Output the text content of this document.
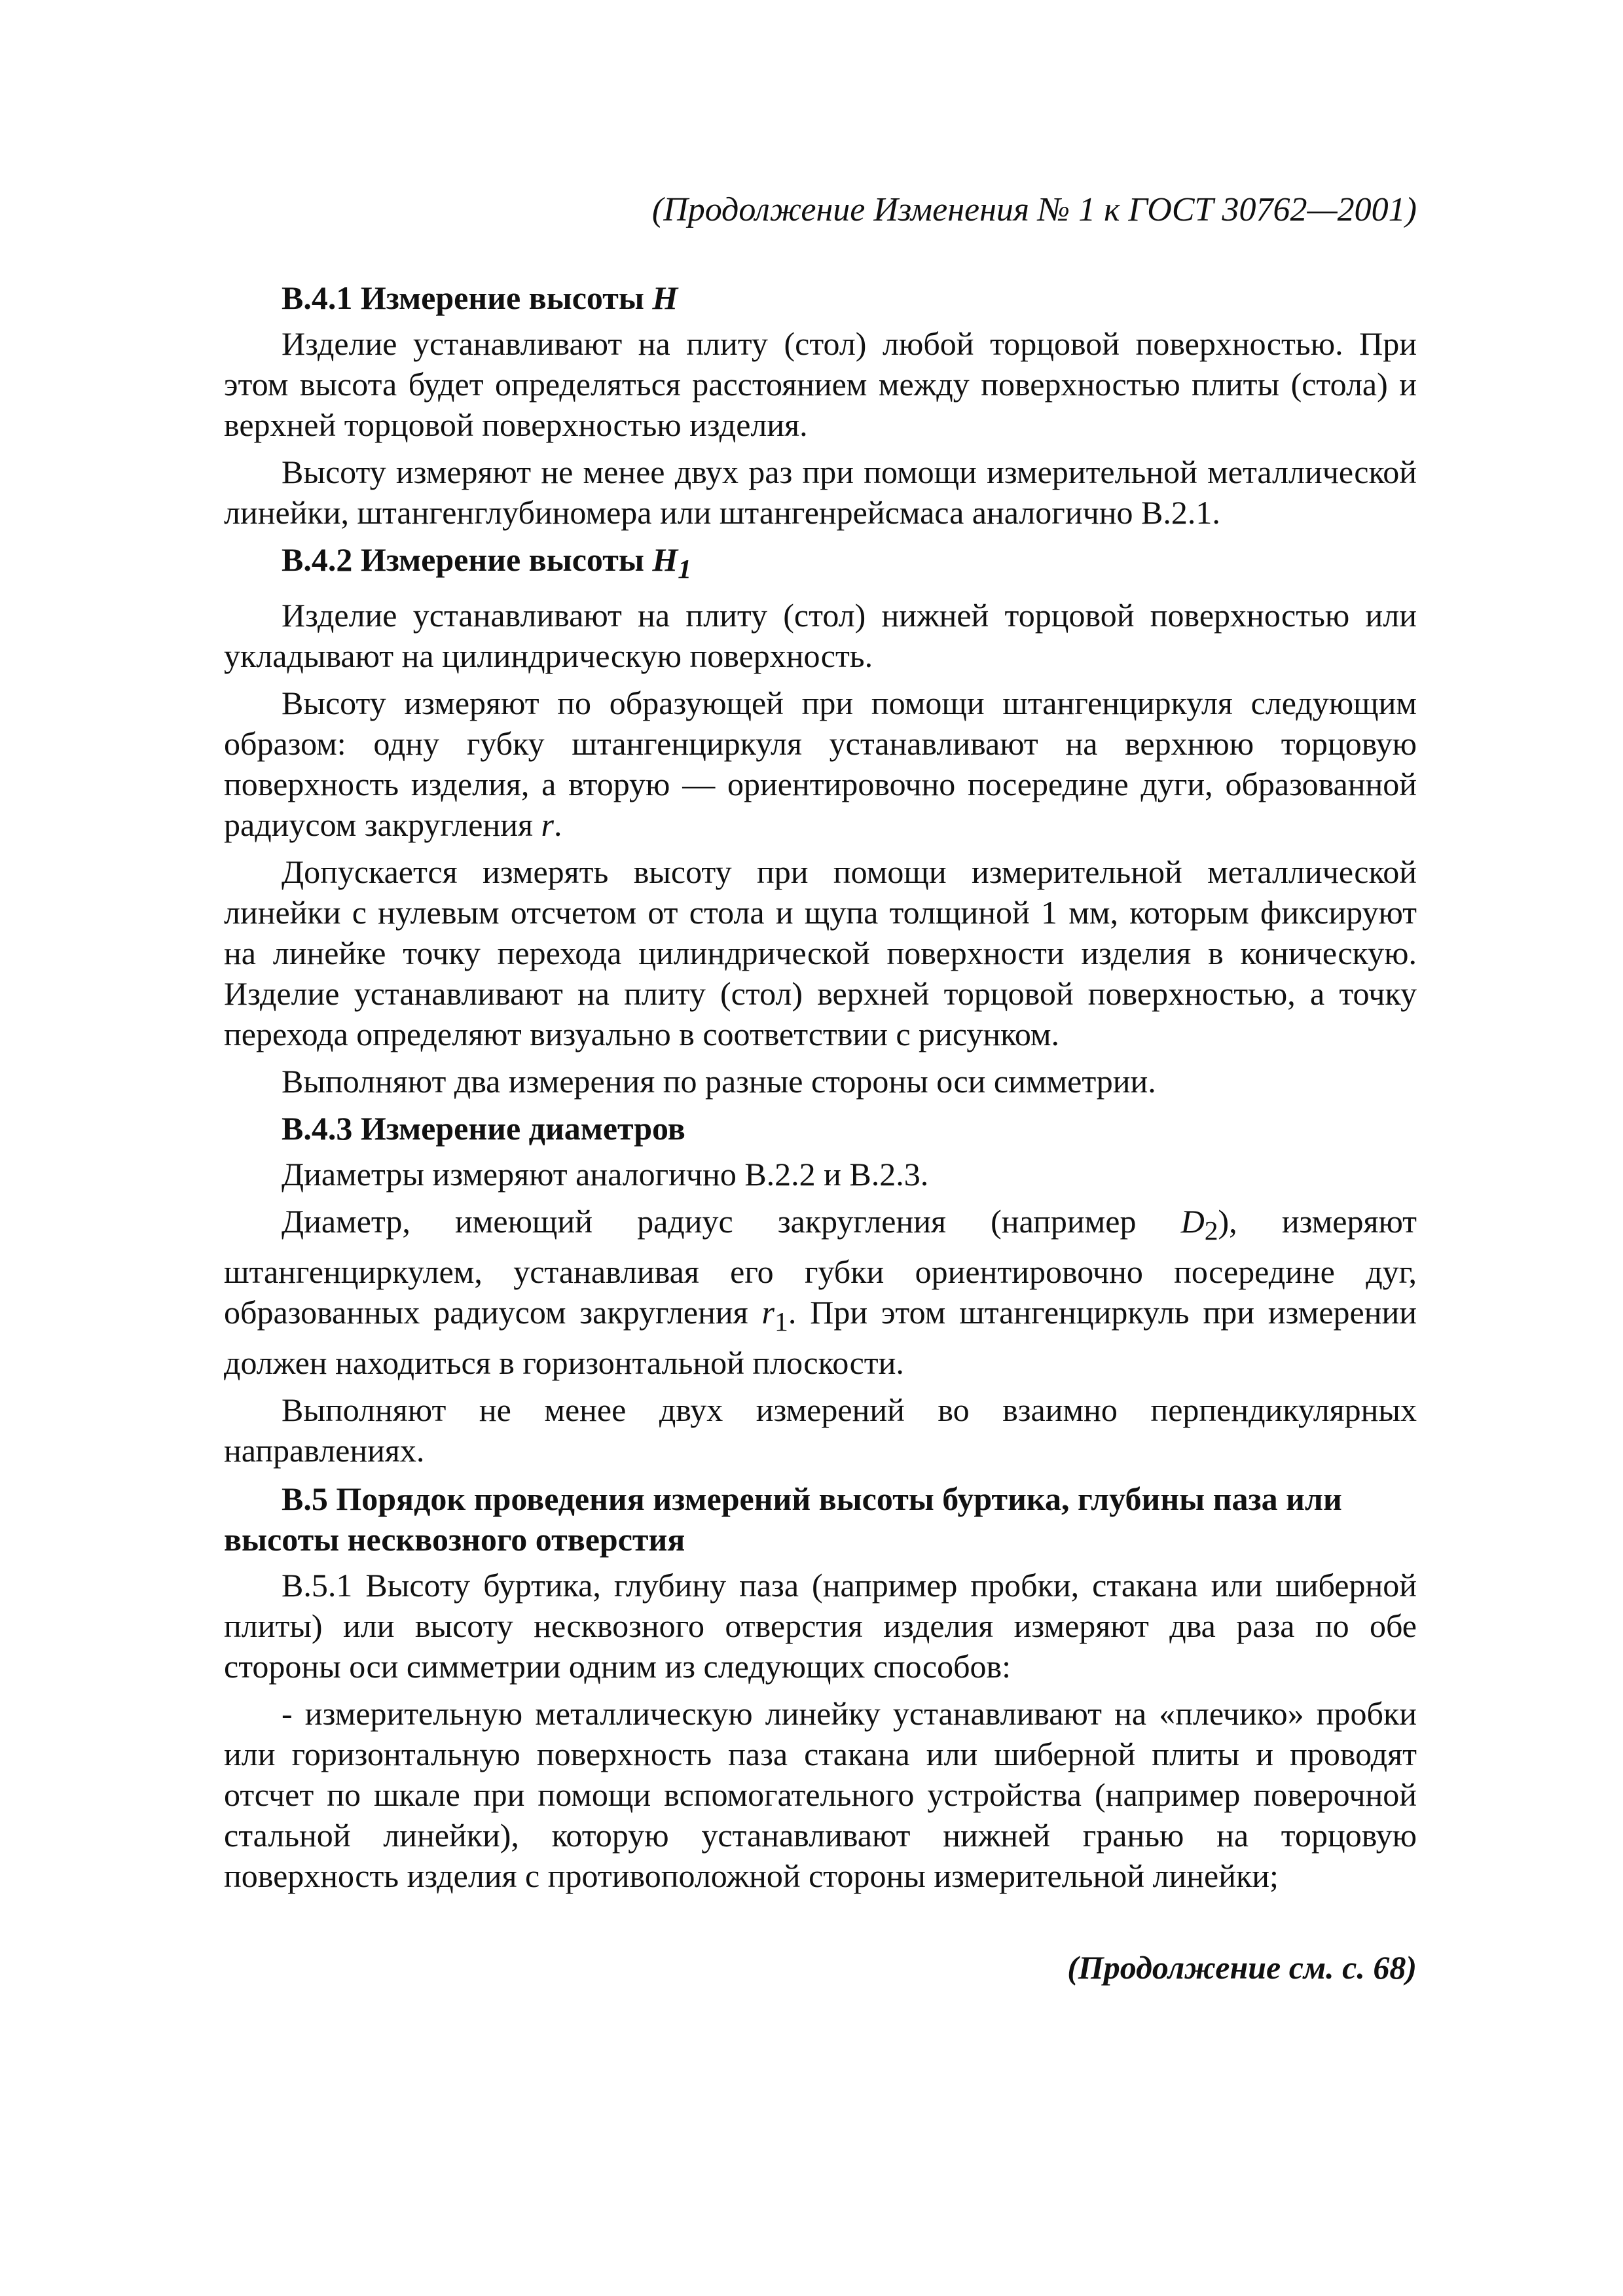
(Продолжение Изменения № 1 к ГОСТ 30762—2001)
В.4.1 Измерение высоты Н

Изделие устанавливают на плиту (стол) любой торцовой поверхностью. При этом высота будет определяться расстоянием между поверхностью плиты (стола) и верхней торцовой поверхностью изделия.

Высоту измеряют не менее двух раз при помощи измерительной металлической линейки, штангенглубиномера или штангенрейсмаса аналогично В.2.1.

В.4.2 Измерение высоты $Н_1$

Изделие устанавливают на плиту (стол) нижней торцовой поверхностью или укладывают на цилиндрическую поверхность.

Высоту измеряют по образующей при помощи штангенциркуля следующим образом: одну губку штангенциркуля устанавливают на верхнюю торцовую поверхность изделия, а вторую — ориентировочно посередине дуги, образованной радиусом закругления r.

Допускается измерять высоту при помощи измерительной металлической линейки с нулевым отсчетом от стола и щупа толщиной 1 мм, которым фиксируют на линейке точку перехода цилиндрической поверхности изделия в коническую. Изделие устанавливают на плиту (стол) верхней торцовой поверхностью, а точку перехода определяют визуально в соответствии с рисунком.

Выполняют два измерения по разные стороны оси симметрии.

В.4.3 Измерение диаметров

Диаметры измеряют аналогично В.2.2 и В.2.3.

Диаметр, имеющий радиус закругления (например $D_2$), измеряют штангенциркулем, устанавливая его губки ориентировочно посередине дуг, образованных радиусом закругления $r_1$. При этом штангенциркуль при измерении должен находиться в горизонтальной плоскости.

Выполняют не менее двух измерений во взаимно перпендикулярных направлениях.

В.5 Порядок проведения измерений высоты буртика, глубины паза или высоты несквозного отверстия

В.5.1 Высоту буртика, глубину паза (например пробки, стакана или шиберной плиты) или высоту несквозного отверстия изделия измеряют два раза по обе стороны оси симметрии одним из следующих способов:

- измерительную металлическую линейку устанавливают на «плечико» пробки или горизонтальную поверхность паза стакана или шиберной плиты и проводят отсчет по шкале при помощи вспомогательного устройства (например поверочной стальной линейки), которую устанавливают нижней гранью на торцовую поверхность изделия с противоположной стороны измерительной линейки;

(Продолжение см. с. 68)
